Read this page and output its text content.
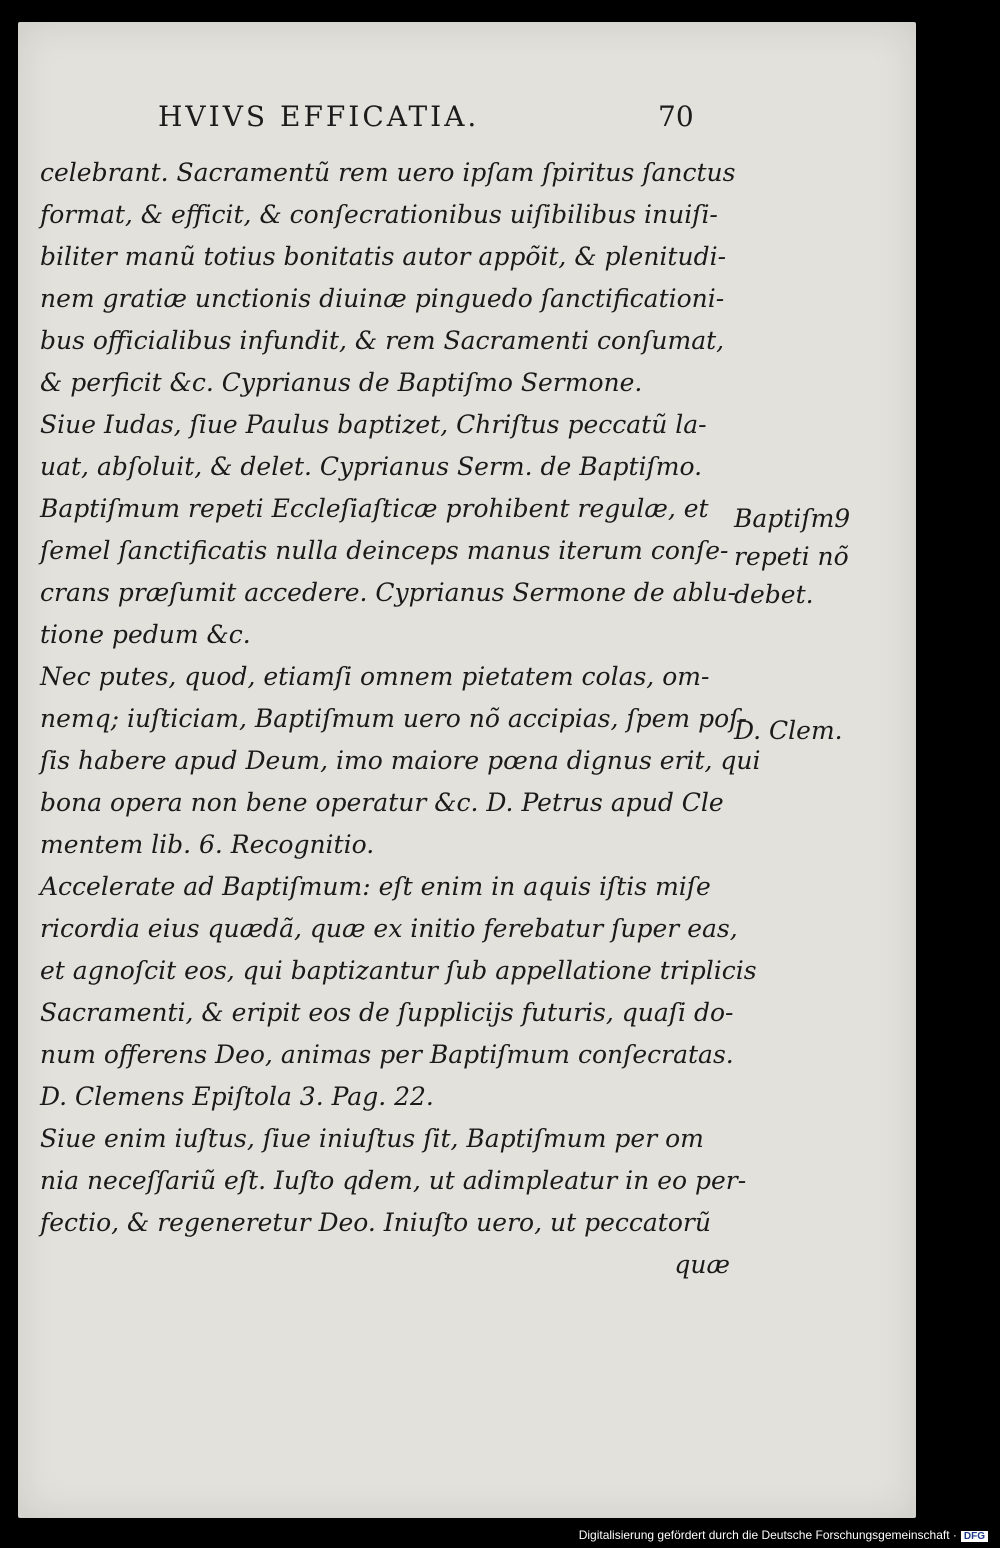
HVIVS EFFICATIA.	70
celebrant. Sacramentũ rem uero ipſam ſpiritus ſanctus
format, & efficit, & conſecrationibus uiſibilibus inuiſi-
biliter manũ totius bonitatis autor appõit, & plenitudi-
nem gratiæ unctionis diuinæ pinguedo ſanctificationi-
bus officialibus infundit, & rem Sacramenti conſumat,
& perficit &c. Cyprianus de Baptiſmo Sermone.
Siue Iudas, ſiue Paulus baptizet, Chriſtus peccatũ la-
uat, abſoluit, & delet. Cyprianus Serm. de Baptiſmo.
Baptiſmum repeti Eccleſiaſticæ prohibent regulæ, et
ſemel ſanctificatis nulla deinceps manus iterum conſe-
crans præſumit accedere. Cyprianus Sermone de ablu-
tione pedum &c.
Nec putes, quod, etiamſi omnem pietatem colas, om-
nemq; iuſticiam, Baptiſmum uero nõ accipias, ſpem poſ-
ſis habere apud Deum, imo maiore pœna dignus erit, qui
bona opera non bene operatur &c. D. Petrus apud Cle
mentem lib. 6. Recognitio.
Accelerate ad Baptiſmum: eſt enim in aquis iſtis miſe
ricordia eius quædã, quæ ex initio ferebatur ſuper eas,
et agnoſcit eos, qui baptizantur ſub appellatione triplicis
Sacramenti, & eripit eos de ſupplicijs futuris, quaſi do-
num offerens Deo, animas per Baptiſmum conſecratas.
D. Clemens Epiſtola 3. Pag. 22.
Siue enim iuſtus, ſiue iniuſtus ſit, Baptiſmum per om
nia neceſſariũ eſt. Iuſto qdem, ut adimpleatur in eo per-
fectio, & regeneretur Deo. Iniuſto uero, ut peccatorũ
quæ
Baptiſm9
repeti nõ
debet.
D. Clem.
Digitalisierung gefördert durch die Deutsche Forschungsgemeinschaft · DFG
